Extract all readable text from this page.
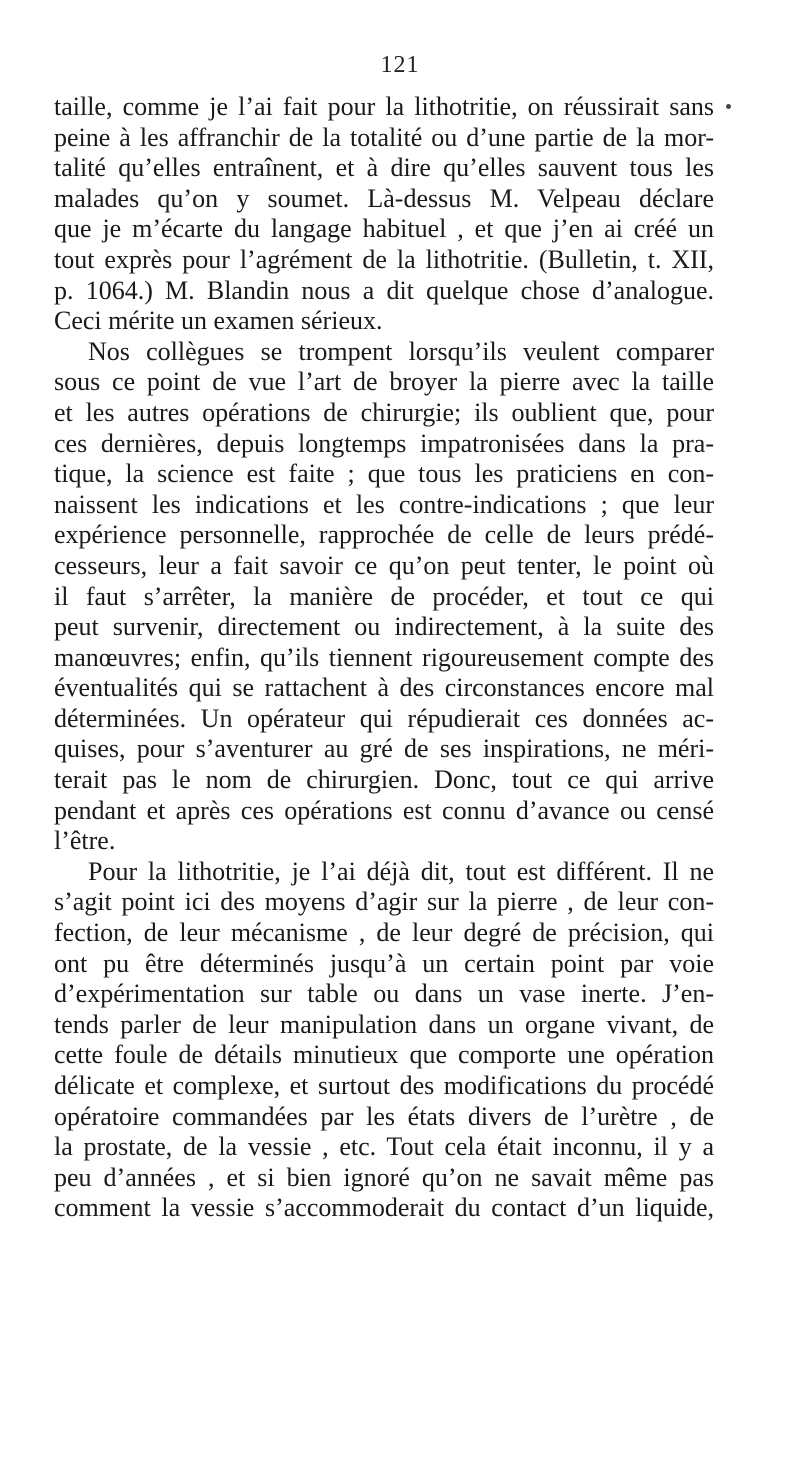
121
taille, comme je l’ai fait pour la lithotritie, on réussirait sans
peine à les affranchir de la totalité ou d’une partie de la mor-
talité qu’elles entraînent, et à dire qu’elles sauvent tous les
malades qu’on y soumet. Là-dessus M. Velpeau déclare
que je m’écarte du langage habituel , et que j’en ai créé un
tout exprès pour l’agrément de la lithotritie. (Bulletin, t. XII,
p. 1064.) M. Blandin nous a dit quelque chose d’analogue.
Ceci mérite un examen sérieux.
Nos collègues se trompent lorsqu’ils veulent comparer
sous ce point de vue l’art de broyer la pierre avec la taille
et les autres opérations de chirurgie; ils oublient que, pour
ces dernières, depuis longtemps impatronisées dans la pra-
tique, la science est faite ; que tous les praticiens en con-
naissent les indications et les contre-indications ; que leur
expérience personnelle, rapprochée de celle de leurs prédé-
cesseurs, leur a fait savoir ce qu’on peut tenter, le point où
il faut s’arrêter, la manière de procéder, et tout ce qui
peut survenir, directement ou indirectement, à la suite des
manœuvres; enfin, qu’ils tiennent rigoureusement compte des
éventualités qui se rattachent à des circonstances encore mal
déterminées. Un opérateur qui répudierait ces données ac-
quises, pour s’aventurer au gré de ses inspirations, ne méri-
terait pas le nom de chirurgien. Donc, tout ce qui arrive
pendant et après ces opérations est connu d’avance ou censé
l’être.
Pour la lithotritie, je l’ai déjà dit, tout est différent. Il ne
s’agit point ici des moyens d’agir sur la pierre , de leur con-
fection, de leur mécanisme , de leur degré de précision, qui
ont pu être déterminés jusqu’à un certain point par voie
d’expérimentation sur table ou dans un vase inerte. J’en-
tends parler de leur manipulation dans un organe vivant, de
cette foule de détails minutieux que comporte une opération
délicate et complexe, et surtout des modifications du procédé
opératoire commandées par les états divers de l’urètre , de
la prostate, de la vessie , etc. Tout cela était inconnu, il y a
peu d’années , et si bien ignoré qu’on ne savait même pas
comment la vessie s’accommoderait du contact d’un liquide,
